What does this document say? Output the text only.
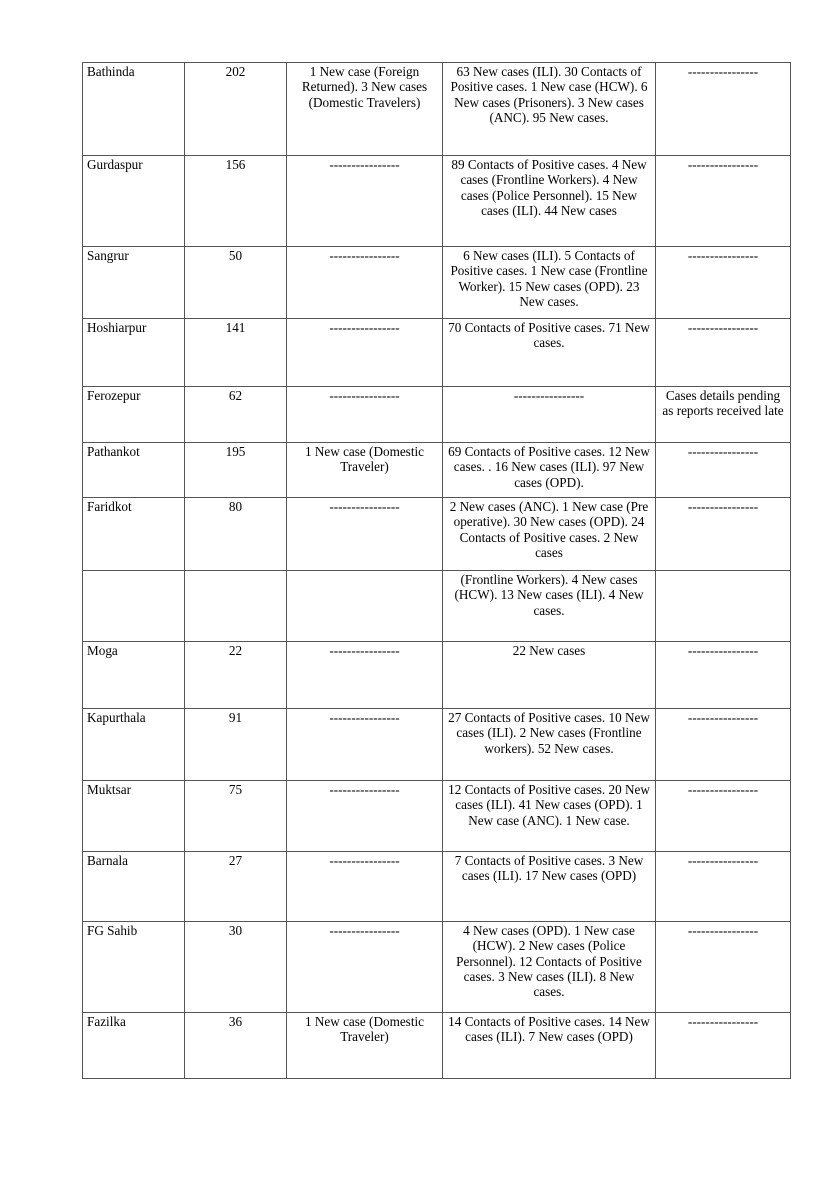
Bathinda	202	1 New case (Foreign Returned). 3 New cases (Domestic Travelers)	63 New cases (ILI). 30 Contacts of Positive cases. 1 New case (HCW). 6 New cases (Prisoners). 3 New cases (ANC). 95 New cases.	----------------
Gurdaspur	156	----------------	89 Contacts of Positive cases. 4 New cases (Frontline Workers). 4 New cases (Police Personnel). 15 New cases (ILI). 44 New cases	----------------
Sangrur	50	----------------	6 New cases (ILI). 5 Contacts of Positive cases. 1 New case (Frontline Worker). 15 New cases (OPD). 23 New cases.	----------------
Hoshiarpur	141	----------------	70 Contacts of Positive cases. 71 New cases.	----------------
Ferozepur	62	----------------	----------------	Cases details pending as reports received late
Pathankot	195	1 New case (Domestic Traveler)	69 Contacts of Positive cases. 12 New cases. . 16 New cases (ILI). 97 New cases (OPD).	----------------
Faridkot	80	----------------	2 New cases (ANC). 1 New case (Pre operative). 30 New cases (OPD). 24 Contacts of Positive cases. 2 New cases	----------------
			(Frontline Workers). 4 New cases (HCW). 13 New cases (ILI). 4 New cases.	
Moga	22	----------------	22 New cases	----------------
Kapurthala	91	----------------	27 Contacts of Positive cases. 10 New cases (ILI). 2 New cases (Frontline workers). 52 New cases.	----------------
Muktsar	75	----------------	12 Contacts of Positive cases. 20 New cases (ILI). 41 New cases (OPD). 1 New case (ANC). 1 New case.	----------------
Barnala	27	----------------	7 Contacts of Positive cases. 3 New cases (ILI). 17 New cases (OPD)	----------------
FG Sahib	30	----------------	4 New cases (OPD). 1 New case (HCW). 2 New cases (Police Personnel). 12 Contacts of Positive cases. 3 New cases (ILI). 8 New cases.	----------------
Fazilka	36	1 New case (Domestic Traveler)	14 Contacts of Positive cases. 14 New cases (ILI). 7 New cases (OPD)	----------------
